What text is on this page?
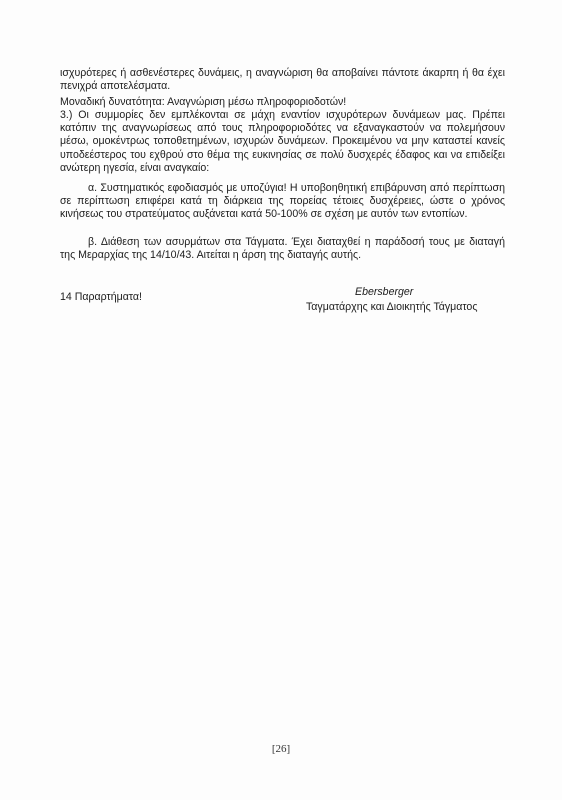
ισχυρότερες ή ασθενέστερες δυνάμεις, η αναγνώριση θα αποβαίνει πάντοτε άκαρπη ή θα έχει πενιχρά αποτελέσματα.
Μοναδική δυνατότητα: Αναγνώριση μέσω πληροφοριοδοτών!
3.) Οι συμμορίες δεν εμπλέκονται σε μάχη εναντίον ισχυρότερων δυνάμεων μας. Πρέπει κατόπιν της αναγνωρίσεως από τους πληροφοριοδότες να εξαναγκαστούν να πολεμήσουν μέσω, ομοκέντρως τοποθετημένων, ισχυρών δυνάμεων. Προκειμένου να μην καταστεί κανείς υποδεέστερος του εχθρού στο θέμα της ευκινησίας σε πολύ δυσχερές έδαφος και να επιδείξει ανώτερη ηγεσία, είναι αναγκαίο:
α. Συστηματικός εφοδιασμός με υποζύγια! Η υποβοηθητική επιβάρυνση από περίπτωση σε περίπτωση επιφέρει κατά τη διάρκεια της πορείας τέτοιες δυσχέρειες, ώστε ο χρόνος κινήσεως του στρατεύματος αυξάνεται κατά 50-100% σε σχέση με αυτόν των εντοπίων.
β. Διάθεση των ασυρμάτων στα Τάγματα. Έχει διαταχθεί η παράδοσή τους με διαταγή της Μεραρχίας της 14/10/43. Αιτείται η άρση της διαταγής αυτής.
14 Παραρτήματα!	Ebersberger
Ταγματάρχης και Διοικητής Τάγματος
[26]
